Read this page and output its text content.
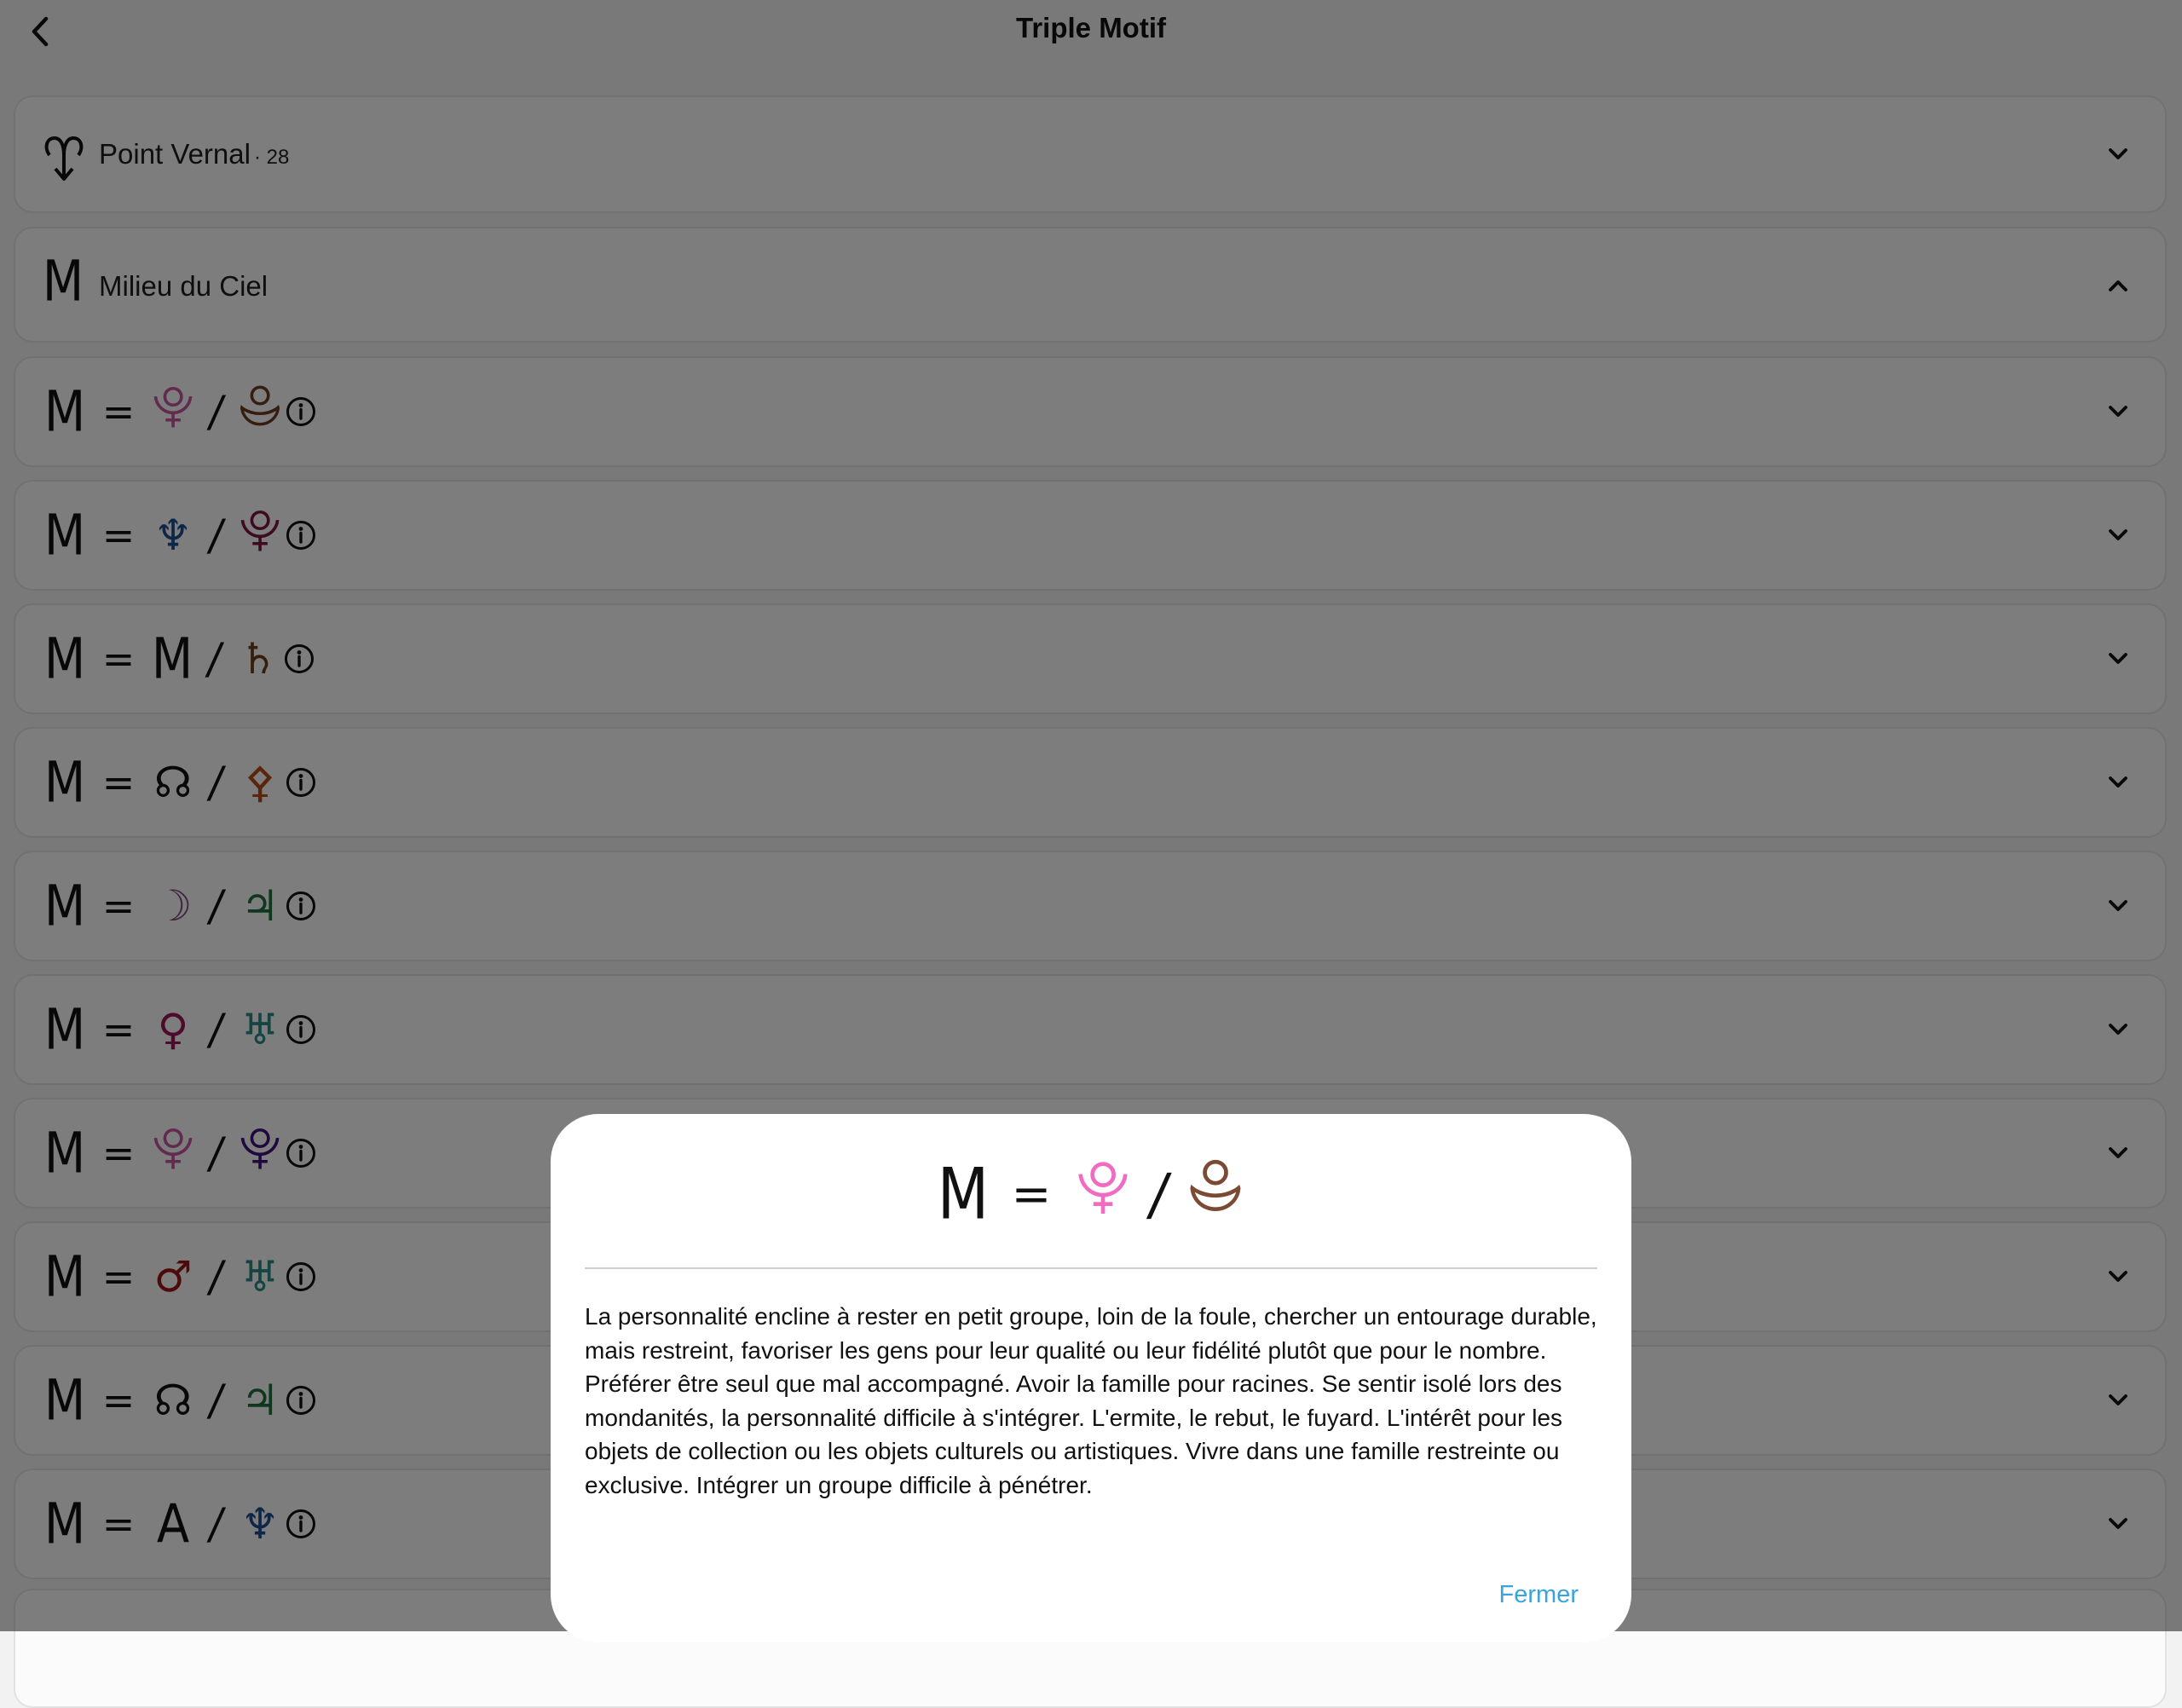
M = ⯓ / ⯕
La personnalité encline à rester en petit groupe, loin de la foule, chercher un entourage durable, mais restreint, favoriser les gens pour leur qualité ou leur fidélité plutôt que pour le nombre. Préférer être seul que mal accompagné. Avoir la famille pour racines. Se sentir isolé lors des mondanités, la personnalité difficile à s'intégrer. L'ermite, le rebut, le fuyard. L'intérêt pour les objets de collection ou les objets culturels ou artistiques. Vivre dans une famille restreinte ou exclusive. Intégrer un groupe difficile à pénétrer.
Fermer
